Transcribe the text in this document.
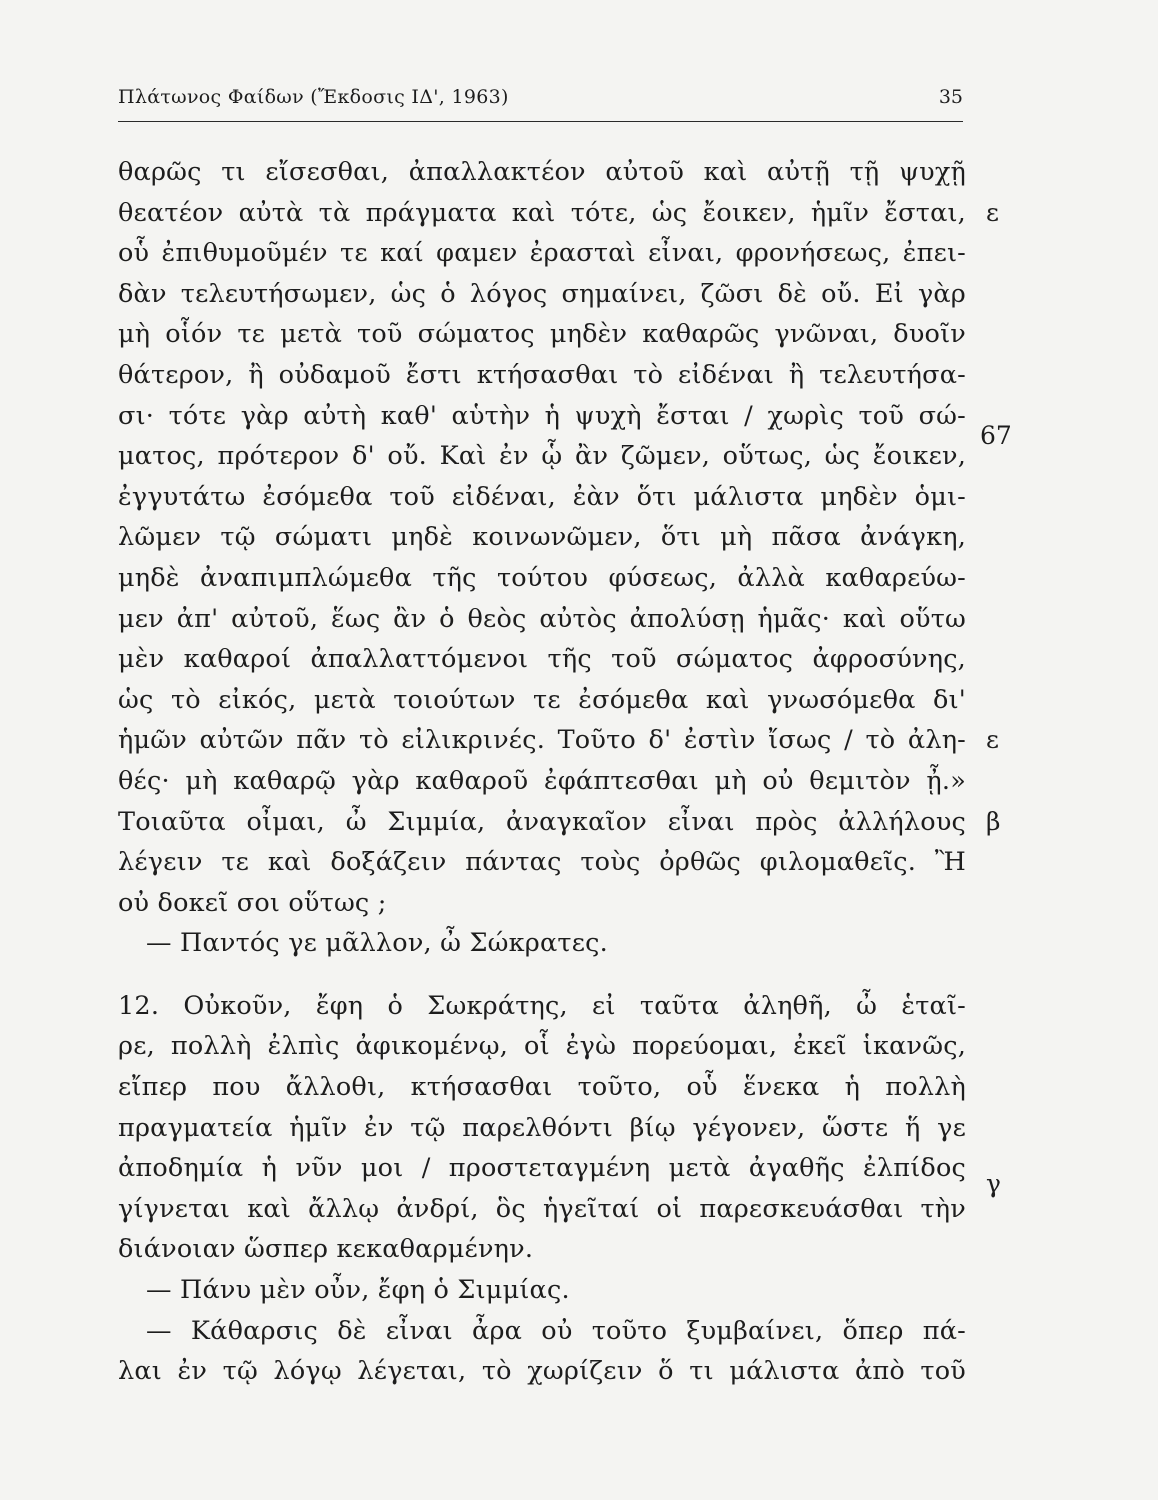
Πλάτωνος Φαίδων (Ἔκδοσις ΙΔ', 1963)	35
θαρῶς τι εἴσεσθαι, ἀπαλλακτέον αὐτοῦ καὶ αὐτῇ τῇ ψυχῇ
θεατέον αὐτὰ τὰ πράγματα καὶ τότε, ὡς ἔοικεν, ἡμῖν ἔσται,
οὗ ἐπιθυμοῦμέν τε καί φαμεν ἐρασταὶ εἶναι, φρονήσεως, ἐπει-
δὰν τελευτήσωμεν, ὡς ὁ λόγος σημαίνει, ζῶσι δὲ οὔ. Εἰ γὰρ
μὴ οἷόν τε μετὰ τοῦ σώματος μηδὲν καθαρῶς γνῶναι, δυοῖν
θάτερον, ἢ οὐδαμοῦ ἔστι κτήσασθαι τὸ εἰδέναι ἢ τελευτήσα-
σι· τότε γὰρ αὐτὴ καθ' αὑτὴν ἡ ψυχὴ ἔσται / χωρὶς τοῦ σώ-
ματος, πρότερον δ' οὔ. Καὶ ἐν ᾧ ἂν ζῶμεν, οὕτως, ὡς ἔοικεν,
ἐγγυτάτω ἐσόμεθα τοῦ εἰδέναι, ἐὰν ὅτι μάλιστα μηδὲν ὁμι-
λῶμεν τῷ σώματι μηδὲ κοινωνῶμεν, ὅτι μὴ πᾶσα ἀνάγκη,
μηδὲ ἀναπιμπλώμεθα τῆς τούτου φύσεως, ἀλλὰ καθαρεύω-
μεν ἀπ' αὐτοῦ, ἕως ἂν ὁ θεὸς αὐτὸς ἀπολύσῃ ἡμᾶς· καὶ οὕτω
μὲν καθαροί ἀπαλλαττόμενοι τῆς τοῦ σώματος ἀφροσύνης,
ὡς τὸ εἰκός, μετὰ τοιούτων τε ἐσόμεθα καὶ γνωσόμεθα δι'
ἡμῶν αὐτῶν πᾶν τὸ εἰλικρινές. Τοῦτο δ' ἐστὶν ἴσως / τὸ ἀλη-
θές· μὴ καθαρῷ γὰρ καθαροῦ ἐφάπτεσθαι μὴ οὐ θεμιτὸν ᾖ.»
Τοιαῦτα οἶμαι, ὦ Σιμμία, ἀναγκαῖον εἶναι πρὸς ἀλλήλους
λέγειν τε καὶ δοξάζειν πάντας τοὺς ὀρθῶς φιλομαθεῖς. Ἢ
οὐ δοκεῖ σοι οὕτως ;
— Παντός γε μᾶλλον, ὦ Σώκρατες.
12. Οὐκοῦν, ἔφη ὁ Σωκράτης, εἰ ταῦτα ἀληθῆ, ὦ ἑταῖ-
ρε, πολλὴ ἐλπὶς ἀφικομένῳ, οἷ ἐγὼ πορεύομαι, ἐκεῖ ἱκανῶς,
εἴπερ που ἄλλοθι, κτήσασθαι τοῦτο, οὗ ἕνεκα ἡ πολλὴ
πραγματεία ἡμῖν ἐν τῷ παρελθόντι βίῳ γέγονεν, ὥστε ἥ γε
ἀποδημία ἡ νῦν μοι / προστεταγμένη μετὰ ἀγαθῆς ἐλπίδος
γίγνεται καὶ ἄλλῳ ἀνδρί, ὃς ἡγεῖταί οἱ παρεσκευάσθαι τὴν
διάνοιαν ὥσπερ κεκαθαρμένην.
— Πάνυ μὲν οὖν, ἔφη ὁ Σιμμίας.
— Κάθαρσις δὲ εἶναι ἆρα οὐ τοῦτο ξυμβαίνει, ὅπερ πά-
λαι ἐν τῷ λόγῳ λέγεται, τὸ χωρίζειν ὅ τι μάλιστα ἀπὸ τοῦ
ε
67
ε
β
γ
